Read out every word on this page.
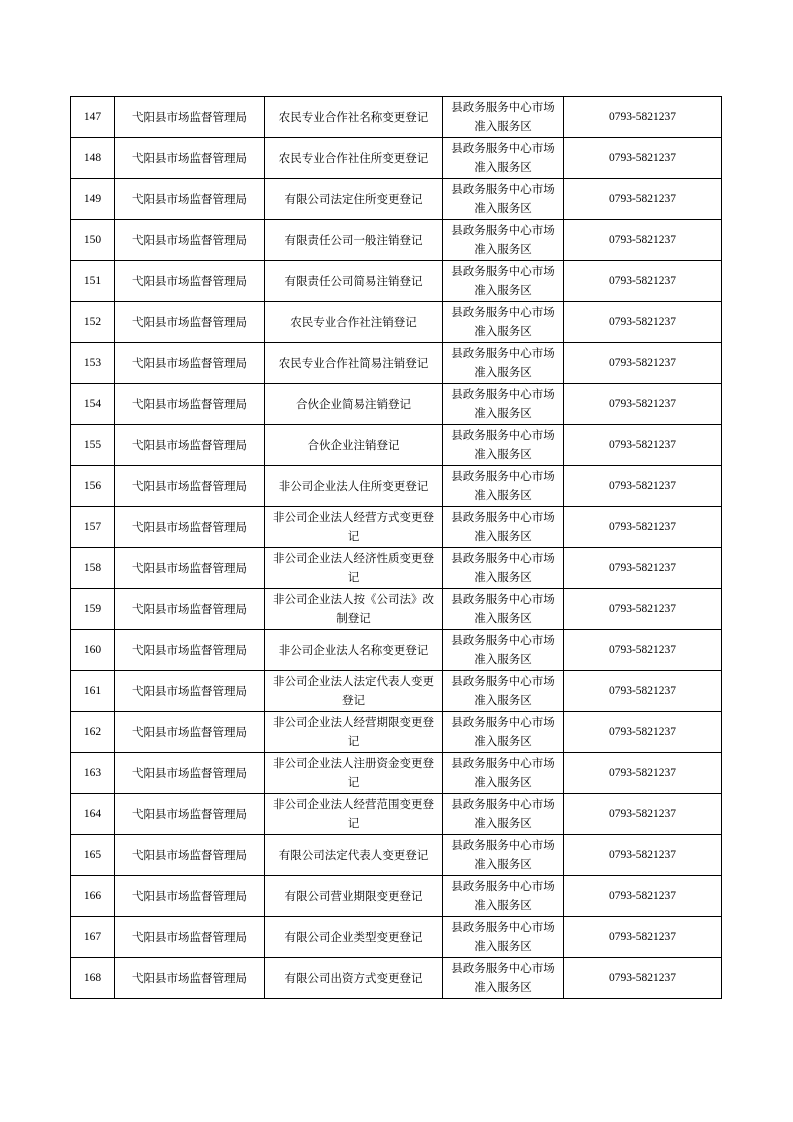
147	弋阳县市场监督管理局	农民专业合作社名称变更登记	县政务服务中心市场准入服务区	0793-5821237
148	弋阳县市场监督管理局	农民专业合作社住所变更登记	县政务服务中心市场准入服务区	0793-5821237
149	弋阳县市场监督管理局	有限公司法定住所变更登记	县政务服务中心市场准入服务区	0793-5821237
150	弋阳县市场监督管理局	有限责任公司一般注销登记	县政务服务中心市场准入服务区	0793-5821237
151	弋阳县市场监督管理局	有限责任公司简易注销登记	县政务服务中心市场准入服务区	0793-5821237
152	弋阳县市场监督管理局	农民专业合作社注销登记	县政务服务中心市场准入服务区	0793-5821237
153	弋阳县市场监督管理局	农民专业合作社简易注销登记	县政务服务中心市场准入服务区	0793-5821237
154	弋阳县市场监督管理局	合伙企业简易注销登记	县政务服务中心市场准入服务区	0793-5821237
155	弋阳县市场监督管理局	合伙企业注销登记	县政务服务中心市场准入服务区	0793-5821237
156	弋阳县市场监督管理局	非公司企业法人住所变更登记	县政务服务中心市场准入服务区	0793-5821237
157	弋阳县市场监督管理局	非公司企业法人经营方式变更登记	县政务服务中心市场准入服务区	0793-5821237
158	弋阳县市场监督管理局	非公司企业法人经济性质变更登记	县政务服务中心市场准入服务区	0793-5821237
159	弋阳县市场监督管理局	非公司企业法人按《公司法》改制登记	县政务服务中心市场准入服务区	0793-5821237
160	弋阳县市场监督管理局	非公司企业法人名称变更登记	县政务服务中心市场准入服务区	0793-5821237
161	弋阳县市场监督管理局	非公司企业法人法定代表人变更登记	县政务服务中心市场准入服务区	0793-5821237
162	弋阳县市场监督管理局	非公司企业法人经营期限变更登记	县政务服务中心市场准入服务区	0793-5821237
163	弋阳县市场监督管理局	非公司企业法人注册资金变更登记	县政务服务中心市场准入服务区	0793-5821237
164	弋阳县市场监督管理局	非公司企业法人经营范围变更登记	县政务服务中心市场准入服务区	0793-5821237
165	弋阳县市场监督管理局	有限公司法定代表人变更登记	县政务服务中心市场准入服务区	0793-5821237
166	弋阳县市场监督管理局	有限公司营业期限变更登记	县政务服务中心市场准入服务区	0793-5821237
167	弋阳县市场监督管理局	有限公司企业类型变更登记	县政务服务中心市场准入服务区	0793-5821237
168	弋阳县市场监督管理局	有限公司出资方式变更登记	县政务服务中心市场准入服务区	0793-5821237
